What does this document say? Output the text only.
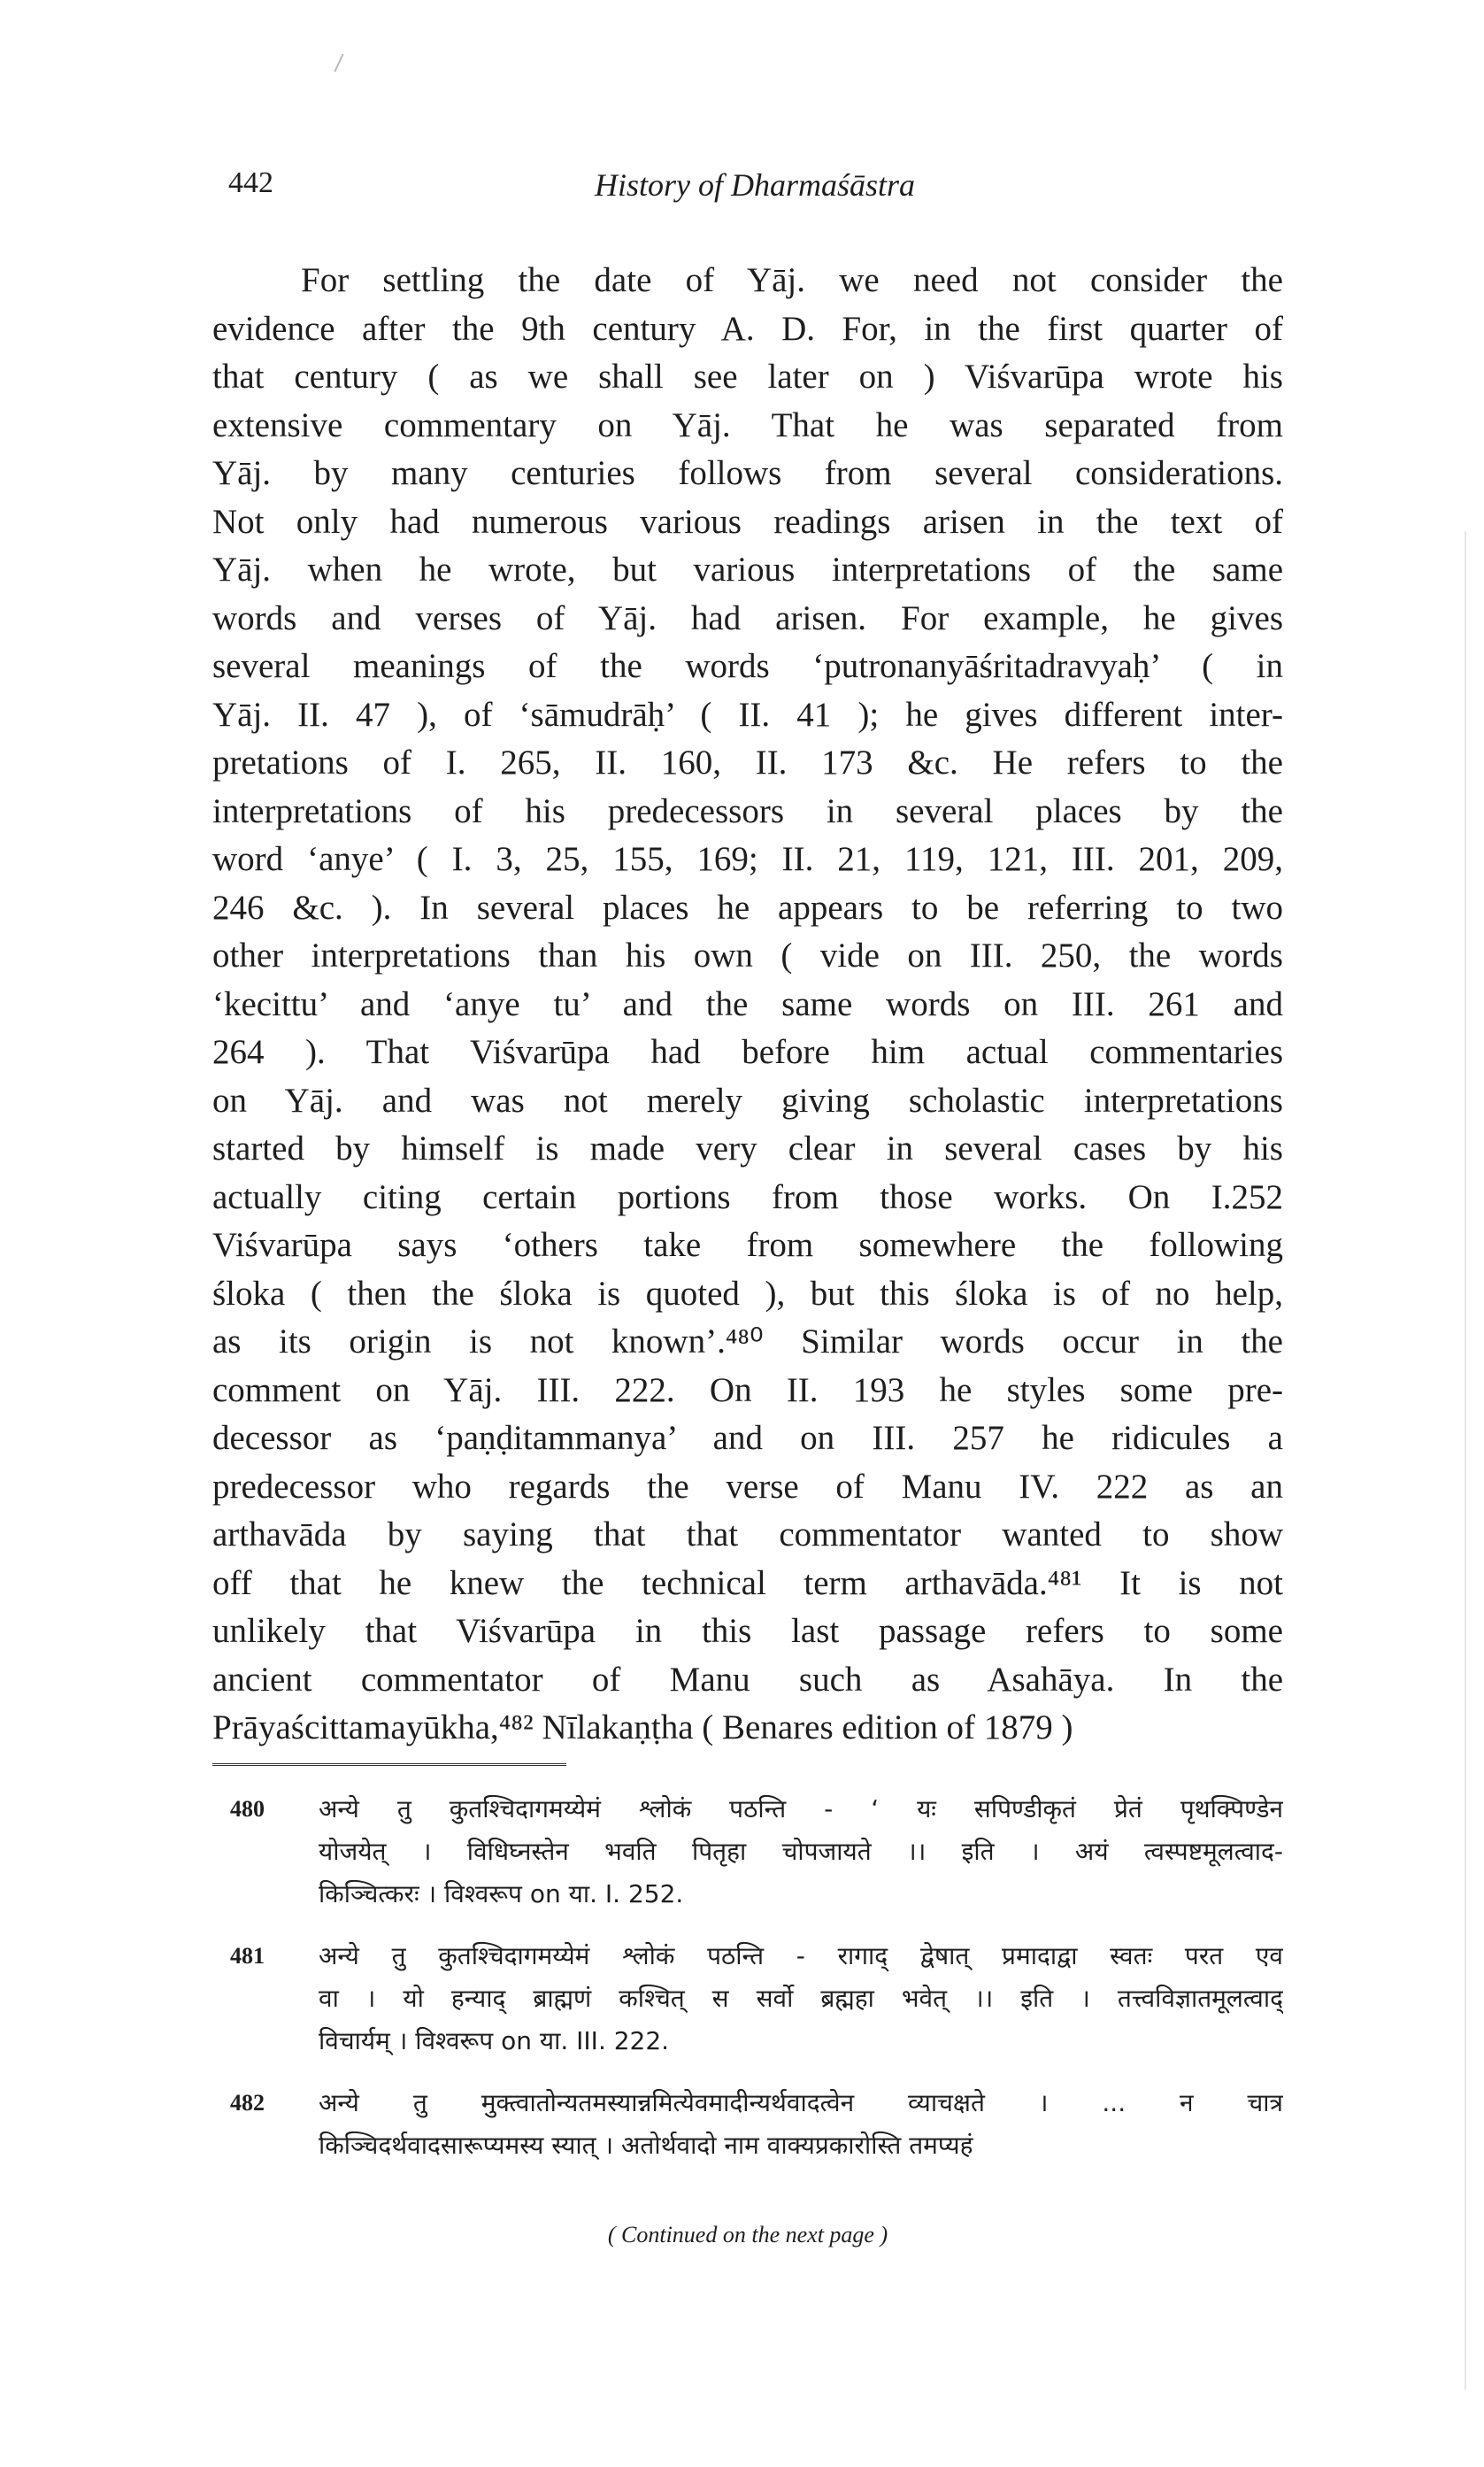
442	History of Dharmaśāstra
For settling the date of Yāj. we need not consider the
evidence after the 9th century A. D. For, in the first quarter of
that century ( as we shall see later on ) Viśvarūpa wrote his
extensive commentary on Yāj. That he was separated from
Yāj. by many centuries follows from several considerations.
Not only had numerous various readings arisen in the text of
Yāj. when he wrote, but various interpretations of the same
words and verses of Yāj. had arisen. For example, he gives
several meanings of the words ‘putronanyāśritadravyaḥ’ ( in
Yāj. II. 47 ), of ‘sāmudrāḥ’ ( II. 41 ); he gives different inter-
pretations of I. 265, II. 160, II. 173 &c. He refers to the
interpretations of his predecessors in several places by the
word ‘anye’ ( I. 3, 25, 155, 169; II. 21, 119, 121, III. 201, 209,
246 &c. ). In several places he appears to be referring to two
other interpretations than his own ( vide on III. 250, the words
‘kecittu’ and ‘anye tu’ and the same words on III. 261 and
264 ). That Viśvarūpa had before him actual commentaries
on Yāj. and was not merely giving scholastic interpretations
started by himself is made very clear in several cases by his
actually citing certain portions from those works. On I.252
Viśvarūpa says ‘others take from somewhere the following
śloka ( then the śloka is quoted ), but this śloka is of no help,
as its origin is not known’.⁴⁸⁰ Similar words occur in the
comment on Yāj. III. 222. On II. 193 he styles some pre-
decessor as ‘paṇḍitammanya’ and on III. 257 he ridicules a
predecessor who regards the verse of Manu IV. 222 as an
arthavāda by saying that that commentator wanted to show
off that he knew the technical term arthavāda.⁴⁸¹ It is not
unlikely that Viśvarūpa in this last passage refers to some
ancient commentator of Manu such as Asahāya. In the
Prāyaścittamayūkha,⁴⁸² Nīlakaṇṭha ( Benares edition of 1879 )
480 अन्ये तु कुतश्चिदागमय्येमं श्लोकं पठन्ति - ‘ यः सपिण्डीकृतं प्रेतं पृथक्पिण्डेन
योजयेत् । विधिघ्नस्तेन भवति पितृहा चोपजायते ।। इति । अयं त्वस्पष्टमूलत्वाद-
किञ्चित्करः । विश्वरूप on या. I. 252.
481 अन्ये तु कुतश्चिदागमय्येमं श्लोकं पठन्ति - रागाद् द्वेषात् प्रमादाद्वा स्वतः परत एव
वा । यो हन्याद् ब्राह्मणं कश्चित् स सर्वो ब्रह्महा भवेत् ।। इति । तत्त्वविज्ञातमूलत्वाद्
विचार्यम् । विश्वरूप on या. III. 222.
482 अन्ये तु मुक्त्वातोन्यतमस्यान्नमित्येवमादीन्यर्थवादत्वेन व्याचक्षते । ... न चात्र
किञ्चिदर्थवादसारूप्यमस्य स्यात् । अतोर्थवादो नाम वाक्यप्रकारोस्ति तमप्यहं
( Continued on the next page )
